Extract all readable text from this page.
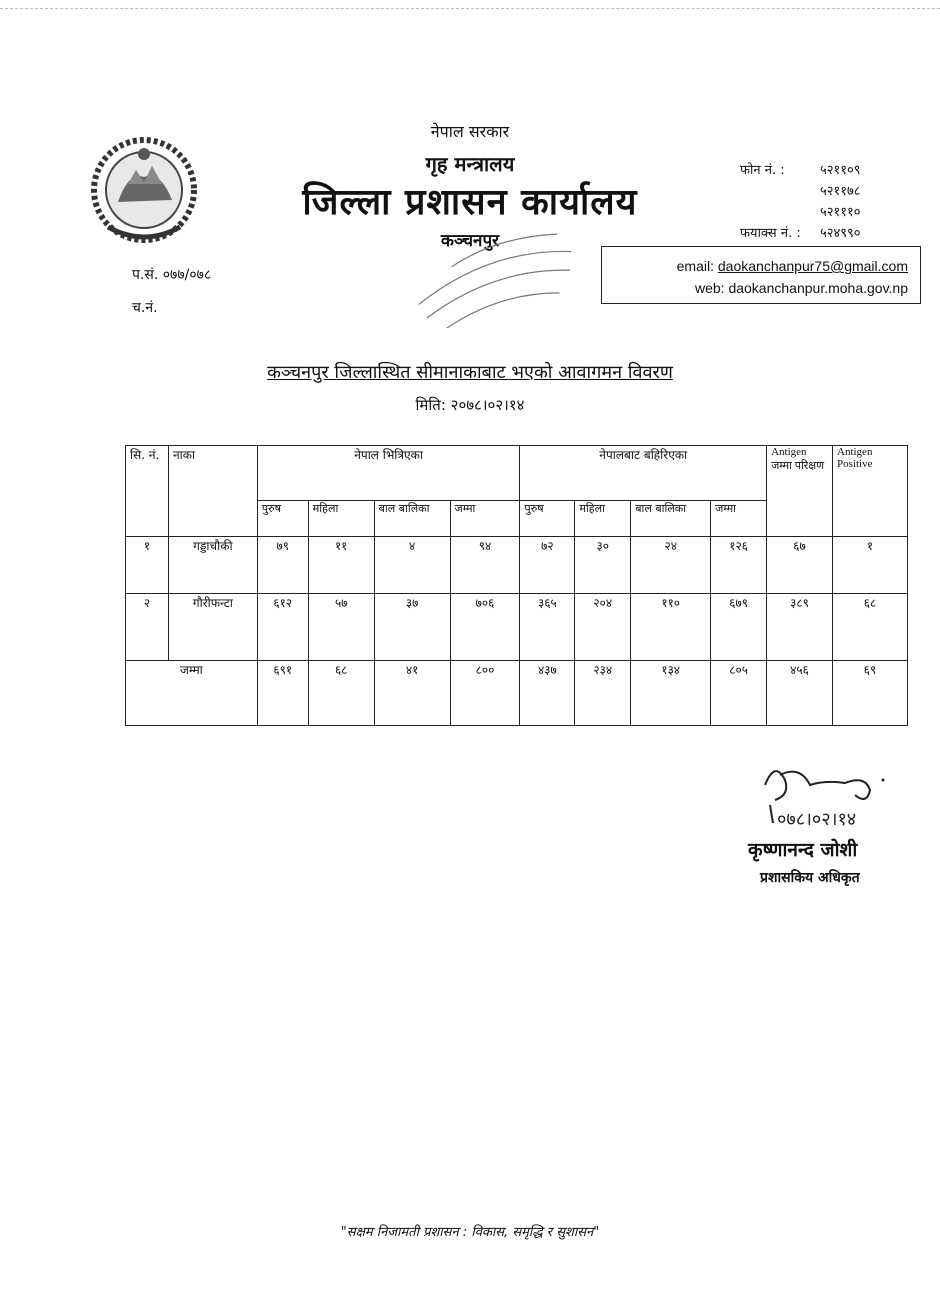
नेपाल सरकार
गृह मन्त्रालय
जिल्ला प्रशासन कार्यालय
कञ्चनपुर
फोन नं. :	५२११०९
५२११७८
५२१११०
फयाक्स नं. :	५२४९९०
email: daokanchanpur75@gmail.com
web: daokanchanpur.moha.gov.np
प.सं. ०७७/०७८
च.नं.
कञ्चनपुर जिल्लास्थित सीमानाकाबाट भएको आवागमन विवरण
मिति: २०७८।०२।१४
सि. नं.	नाका	नेपाल भित्रिएका				नेपालबाट बहिरिएका				Antigen जम्मा परिक्षण	Antigen Positive
		पुरुष	महिला	बाल बालिका	जम्मा	पुरुष	महिला	बाल बालिका	जम्मा		
१	गड्डाचौकी	७९	११	४	९४	७२	३०	२४	१२६	६७	१
२	गौरीफन्टा	६१२	५७	३७	७०६	३६५	२०४	११०	६७९	३८९	६८
जम्मा		६९१	६८	४१	८००	४३७	२३४	१३४	८०५	४५६	६९
०७८।०२।१४
कृष्णानन्द जोशी
प्रशासकिय अधिकृत
"सक्षम निजामती प्रशासन : विकास, समृद्धि र सुशासन"
